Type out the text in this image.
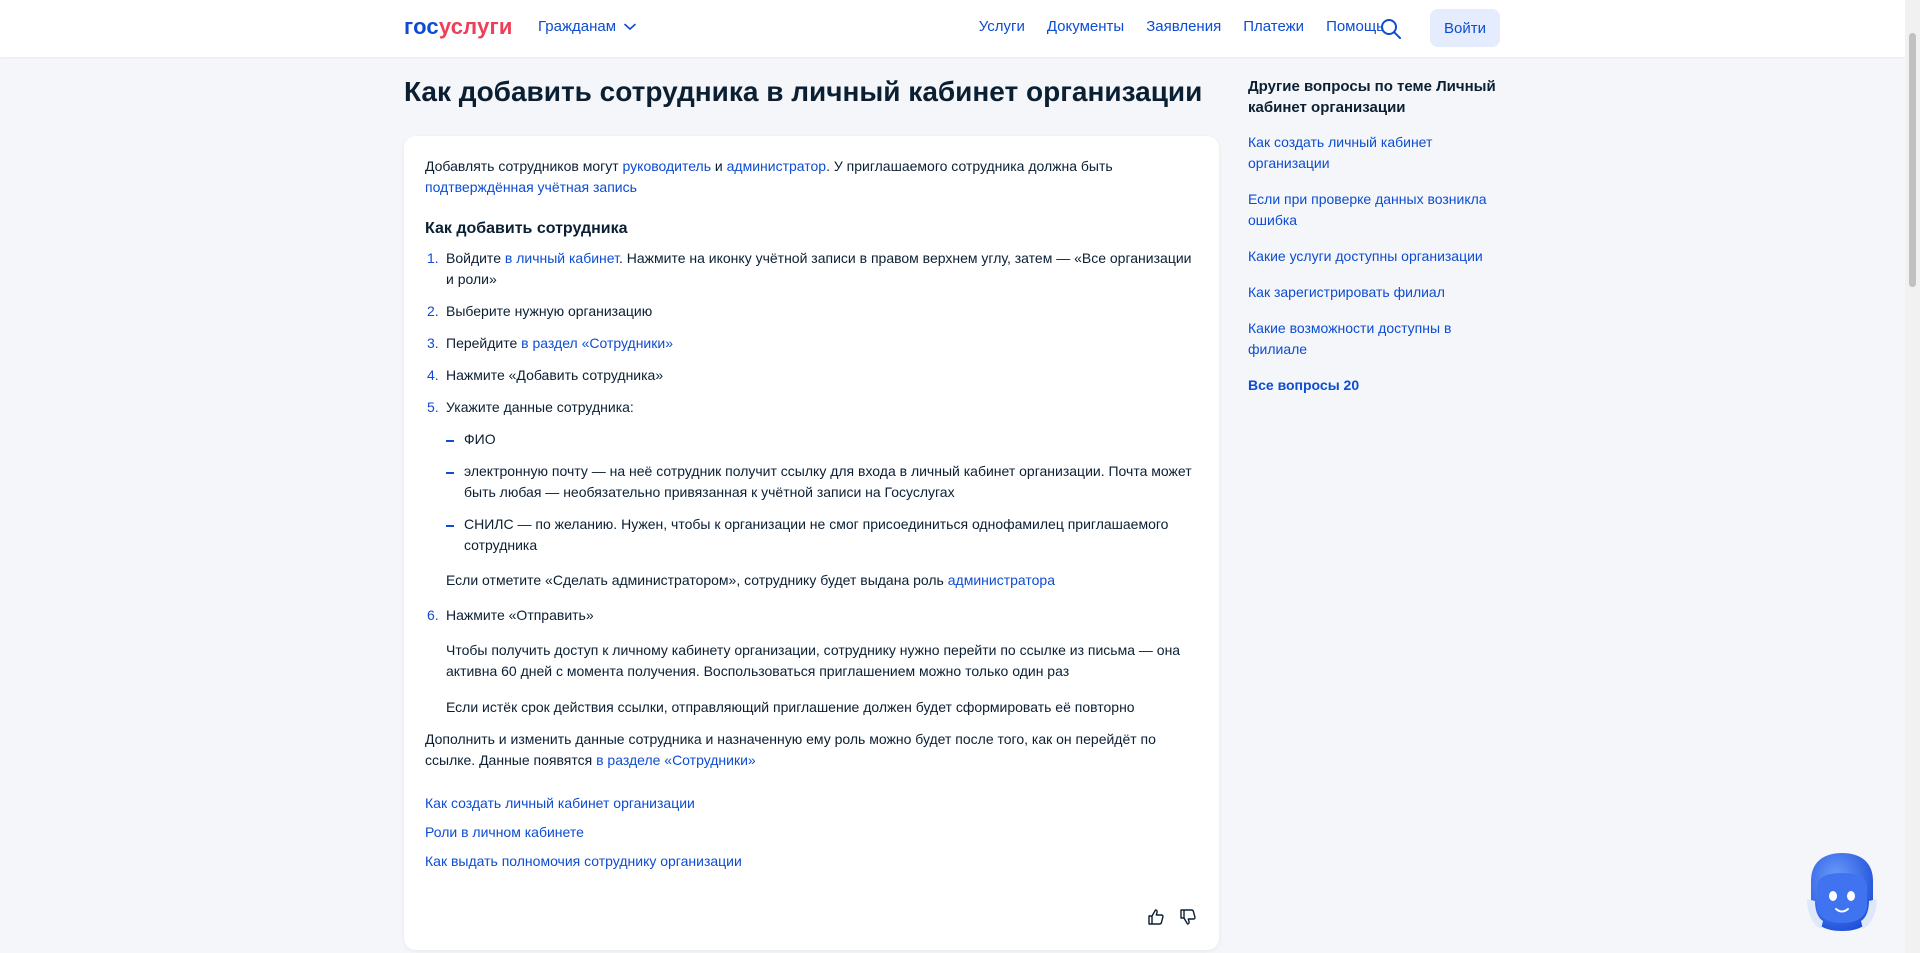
гос услуги Гражданам	Услуги Документы Заявления Платежи Помощь	Войти
Как добавить сотрудника в личный кабинет организации

Добавлять сотрудников могут руководитель и администратор. У приглашаемого сотрудника должна быть подтверждённая учётная запись

Как добавить сотрудника
1. Войдите в личный кабинет. Нажмите на иконку учётной записи в правом верхнем углу, затем — «Все организации и роли»
2. Выберите нужную организацию
3. Перейдите в раздел «Сотрудники»
4. Нажмите «Добавить сотрудника»
5. Укажите данные сотрудника:
ФИО
электронную почту — на неё сотрудник получит ссылку для входа в личный кабинет организации. Почта может быть любая — необязательно привязанная к учётной записи на Госуслугах
СНИЛС — по желанию. Нужен, чтобы к организации не смог присоединиться однофамилец приглашаемого сотрудника

Если отметите «Сделать администратором», сотруднику будет выдана роль администратора

6. Нажмите «Отправить»

Чтобы получить доступ к личному кабинету организации, сотруднику нужно перейти по ссылке из письма — она активна 60 дней с момента получения. Воспользоваться приглашением можно только один раз

Если истёк срок действия ссылки, отправляющий приглашение должен будет сформировать её повторно

Дополнить и изменить данные сотрудника и назначенную ему роль можно будет после того, как он перейдёт по ссылке. Данные появятся в разделе «Сотрудники»

Как создать личный кабинет организации
Роли в личном кабинете
Как выдать полномочия сотруднику организации
Другие вопросы по теме Личный кабинет организации
Как создать личный кабинет организации
Если при проверке данных возникла ошибка
Какие услуги доступны организации
Как зарегистрировать филиал
Какие возможности доступны в филиале
Все вопросы 20
